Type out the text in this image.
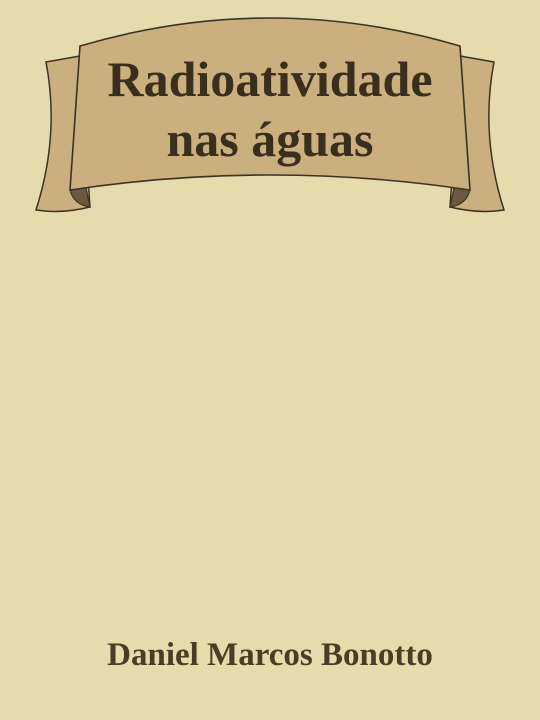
Radioatividade
nas águas
Daniel Marcos Bonotto
